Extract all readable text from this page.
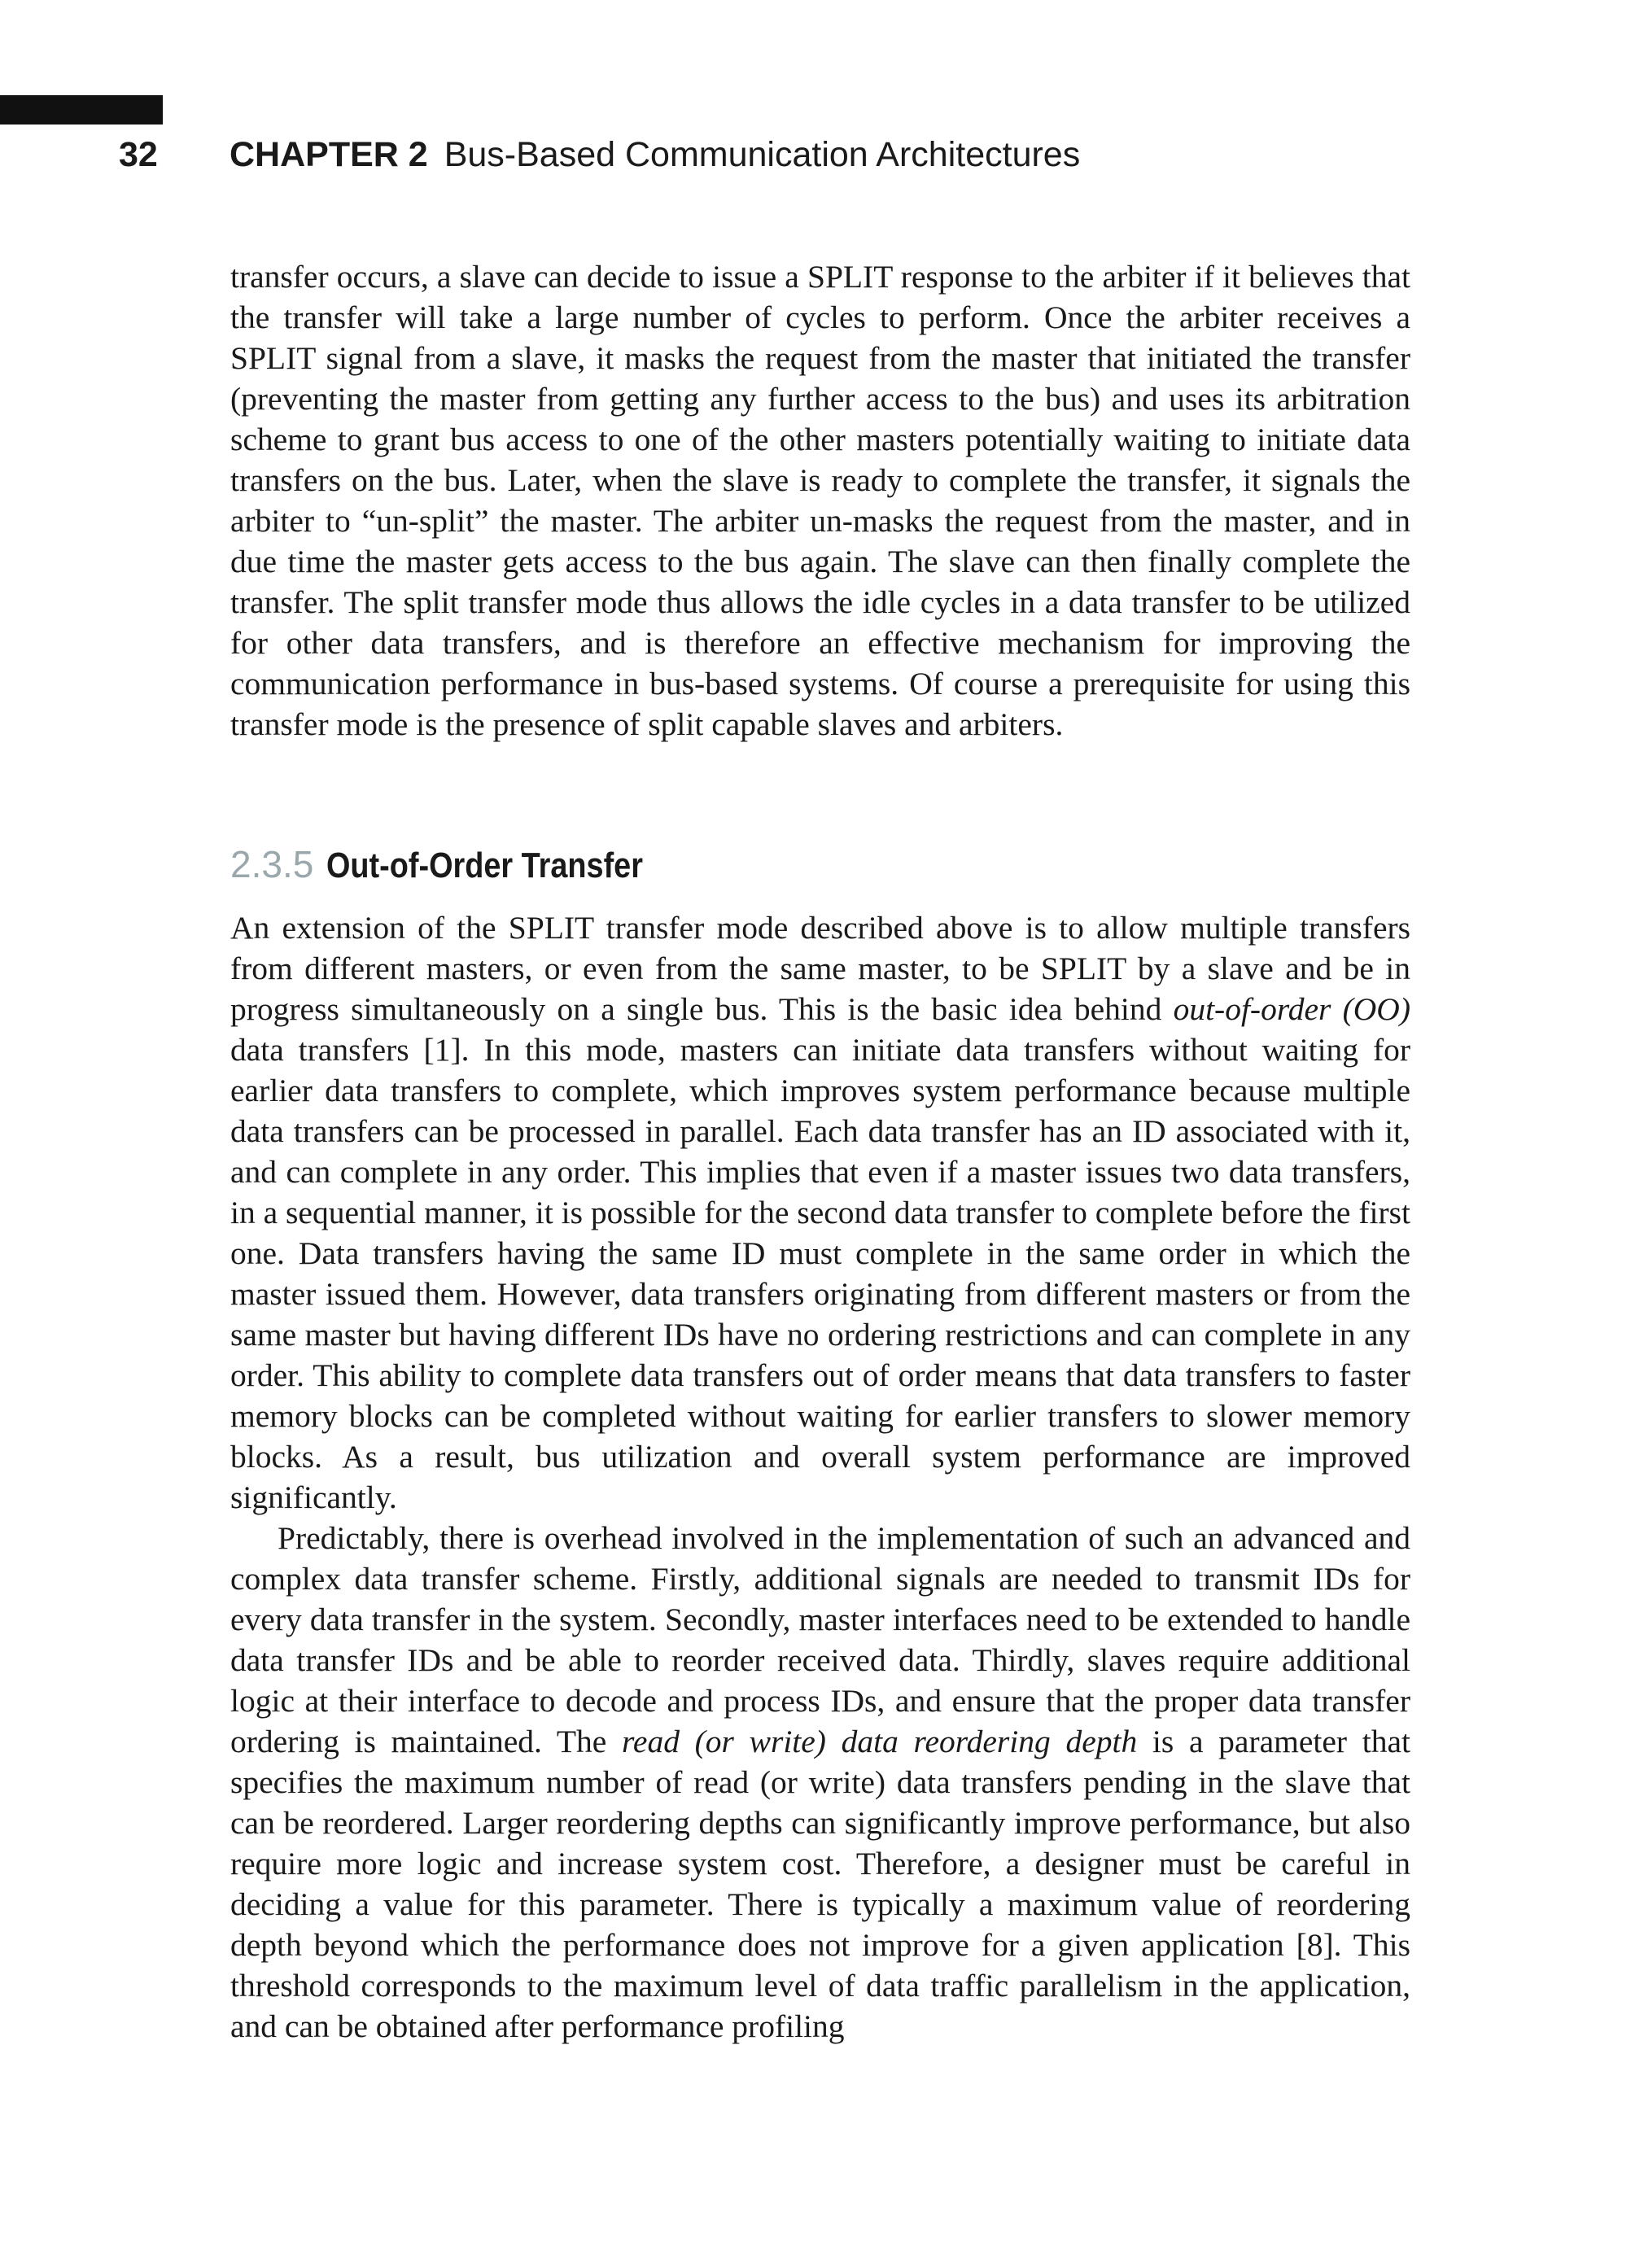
32	CHAPTER 2 Bus-Based Communication Architectures

transfer occurs, a slave can decide to issue a SPLIT response to the arbiter if it believes that the transfer will take a large number of cycles to perform. Once the arbiter receives a SPLIT signal from a slave, it masks the request from the master that initiated the transfer (preventing the master from getting any further access to the bus) and uses its arbitration scheme to grant bus access to one of the other masters potentially waiting to initiate data transfers on the bus. Later, when the slave is ready to complete the transfer, it signals the arbiter to “un-split” the master. The arbiter un-masks the request from the master, and in due time the master gets access to the bus again. The slave can then finally complete the transfer. The split transfer mode thus allows the idle cycles in a data transfer to be utilized for other data transfers, and is therefore an effective mechanism for improving the communication performance in bus-based systems. Of course a prerequisite for using this transfer mode is the presence of split capable slaves and arbiters.

2.3.5 Out-of-Order Transfer

An extension of the SPLIT transfer mode described above is to allow multiple transfers from different masters, or even from the same master, to be SPLIT by a slave and be in progress simultaneously on a single bus. This is the basic idea behind out-of-order (OO) data transfers [1]. In this mode, masters can initiate data transfers without waiting for earlier data transfers to complete, which improves system performance because multiple data transfers can be processed in parallel. Each data transfer has an ID associated with it, and can complete in any order. This implies that even if a master issues two data transfers, in a sequential manner, it is possible for the second data transfer to complete before the first one. Data transfers having the same ID must complete in the same order in which the master issued them. However, data transfers originating from different masters or from the same master but having different IDs have no ordering restrictions and can complete in any order. This ability to complete data transfers out of order means that data transfers to faster memory blocks can be completed without waiting for earlier transfers to slower memory blocks. As a result, bus utilization and overall system performance are improved significantly.

Predictably, there is overhead involved in the implementation of such an advanced and complex data transfer scheme. Firstly, additional signals are needed to transmit IDs for every data transfer in the system. Secondly, master interfaces need to be extended to handle data transfer IDs and be able to reorder received data. Thirdly, slaves require additional logic at their interface to decode and process IDs, and ensure that the proper data transfer ordering is maintained. The read (or write) data reordering depth is a parameter that specifies the maximum number of read (or write) data transfers pending in the slave that can be reordered. Larger reordering depths can significantly improve performance, but also require more logic and increase system cost. Therefore, a designer must be careful in deciding a value for this parameter. There is typically a maximum value of reordering depth beyond which the performance does not improve for a given application [8]. This threshold corresponds to the maximum level of data traffic parallelism in the application, and can be obtained after performance profiling
